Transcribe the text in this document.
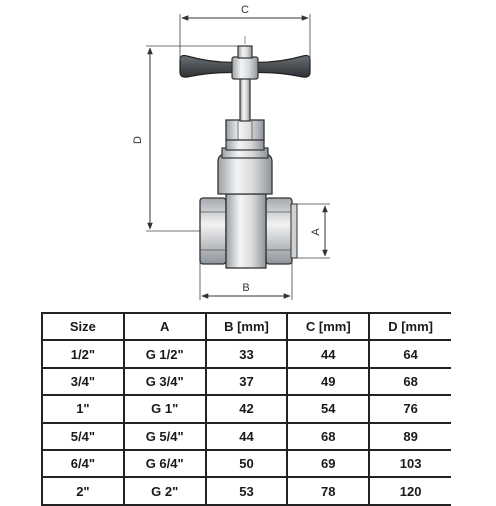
C
D
A
B
Size	A	B [mm]	C [mm]	D [mm]
1/2"	G 1/2"	33	44	64
3/4"	G 3/4"	37	49	68
1"	G 1"	42	54	76
5/4"	G 5/4"	44	68	89
6/4"	G 6/4"	50	69	103
2"	G 2"	53	78	120
